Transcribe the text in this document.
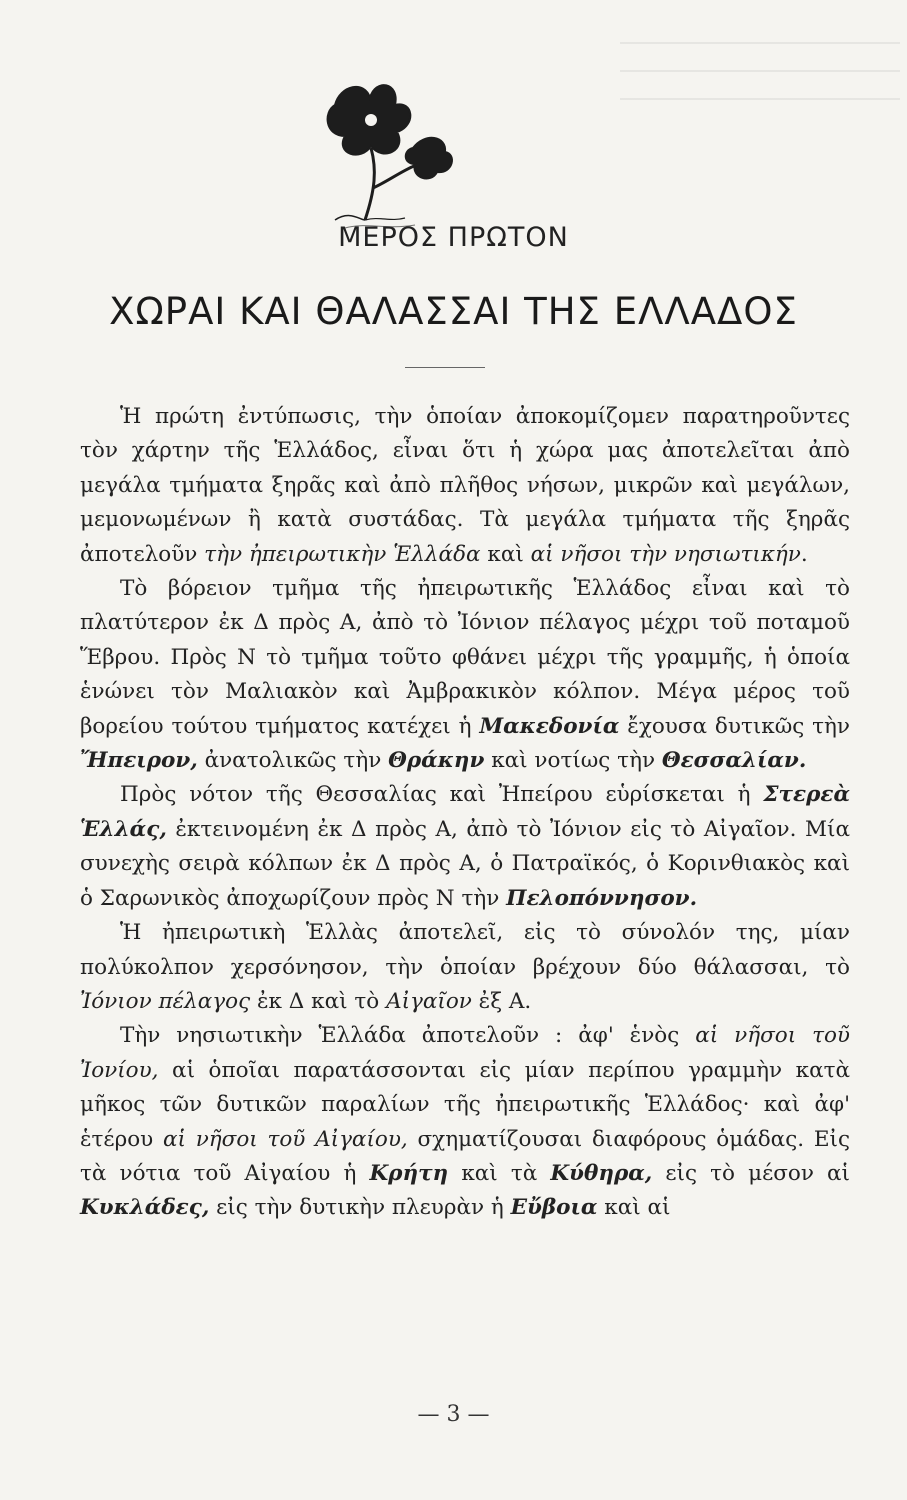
ΜΕΡΟΣ ΠΡΩΤΟΝ
ΧΩΡΑΙ ΚΑΙ ΘΑΛΑΣΣΑΙ ΤΗΣ ΕΛΛΑΔΟΣ

Ἡ πρώτη ἐντύπωσις, τὴν ὁποίαν ἀποκομίζομεν παρατηροῦντες τὸν χάρτην τῆς Ἑλλάδος, εἶναι ὅτι ἡ χώρα μας ἀποτελεῖται ἀπὸ μεγάλα τμήματα ξηρᾶς καὶ ἀπὸ πλῆθος νήσων, μικρῶν καὶ μεγάλων, μεμονωμένων ἢ κατὰ συστάδας. Τὰ μεγάλα τμήματα τῆς ξηρᾶς ἀποτελοῦν τὴν ἠπειρωτικὴν Ἑλλάδα καὶ αἱ νῆσοι τὴν νησιωτικήν.

Τὸ βόρειον τμῆμα τῆς ἠπειρωτικῆς Ἑλλάδος εἶναι καὶ τὸ πλατύτερον ἐκ Δ πρὸς Α, ἀπὸ τὸ Ἰόνιον πέλαγος μέχρι τοῦ ποταμοῦ Ἕβρου. Πρὸς Ν τὸ τμῆμα τοῦτο φθάνει μέχρι τῆς γραμμῆς, ἡ ὁποία ἑνώνει τὸν Μαλιακὸν καὶ Ἀμβρακικὸν κόλπον. Μέγα μέρος τοῦ βορείου τούτου τμήματος κατέχει ἡ Μακεδονία ἔχουσα δυτικῶς τὴν Ἤπειρον, ἀνατολικῶς τὴν Θράκην καὶ νοτίως τὴν Θεσσαλίαν.

Πρὸς νότον τῆς Θεσσαλίας καὶ Ἠπείρου εὑρίσκεται ἡ Στερεὰ Ἑλλάς, ἐκτεινομένη ἐκ Δ πρὸς Α, ἀπὸ τὸ Ἰόνιον εἰς τὸ Αἰγαῖον. Μία συνεχὴς σειρὰ κόλπων ἐκ Δ πρὸς Α, ὁ Πατραϊκός, ὁ Κορινθιακὸς καὶ ὁ Σαρωνικὸς ἀποχωρίζουν πρὸς Ν τὴν Πελοπόννησον.

Ἡ ἠπειρωτικὴ Ἑλλὰς ἀποτελεῖ, εἰς τὸ σύνολόν της, μίαν πολύκολπον χερσόνησον, τὴν ὁποίαν βρέχουν δύο θάλασσαι, τὸ Ἰόνιον πέλαγος ἐκ Δ καὶ τὸ Αἰγαῖον ἐξ Α.

Τὴν νησιωτικὴν Ἑλλάδα ἀποτελοῦν : ἀφ' ἑνὸς αἱ νῆσοι τοῦ Ἰονίου, αἱ ὁποῖαι παρατάσσονται εἰς μίαν περίπου γραμμὴν κατὰ μῆκος τῶν δυτικῶν παραλίων τῆς ἠπειρωτικῆς Ἑλλάδος· καὶ ἀφ' ἑτέρου αἱ νῆσοι τοῦ Αἰγαίου, σχηματίζουσαι διαφόρους ὁμάδας. Εἰς τὰ νότια τοῦ Αἰγαίου ἡ Κρήτη καὶ τὰ Κύθηρα, εἰς τὸ μέσον αἱ Κυκλάδες, εἰς τὴν δυτικὴν πλευρὰν ἡ Εὔβοια καὶ αἱ

— 3 —
